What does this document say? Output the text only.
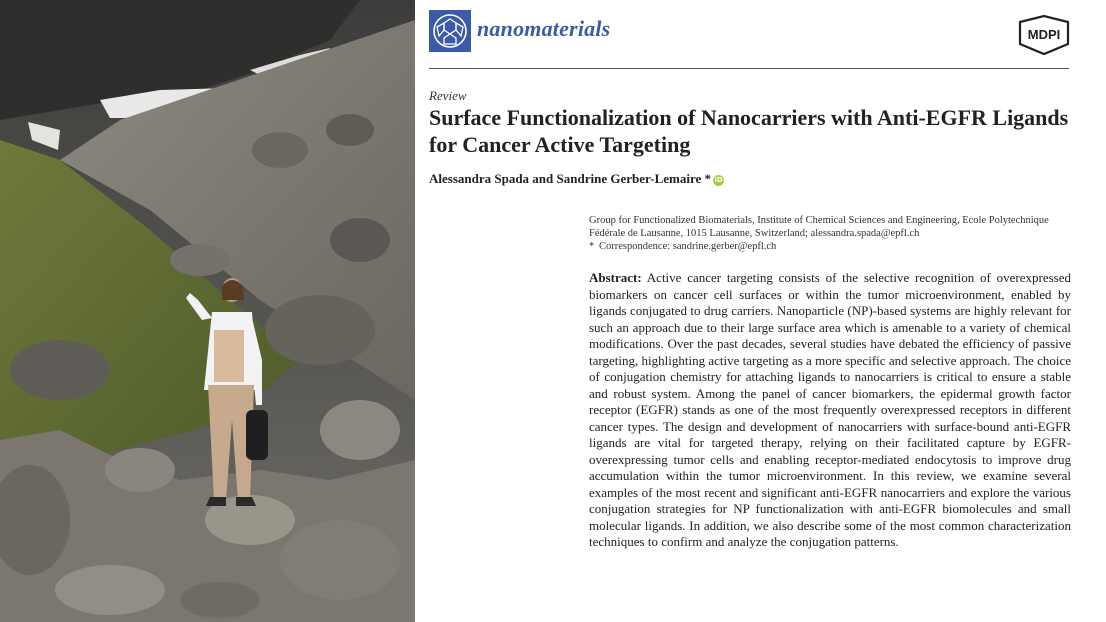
nanomaterials	MDPI
Review
Surface Functionalization of Nanocarriers with Anti-EGFR Ligands for Cancer Active Targeting
Alessandra Spada and Sandrine Gerber-Lemaire * iD
Group for Functionalized Biomaterials, Institute of Chemical Sciences and Engineering, Ecole Polytechnique Fédérale de Lausanne, 1015 Lausanne, Switzerland; alessandra.spada@epfl.ch
* Correspondence: sandrine.gerber@epfl.ch

Abstract: Active cancer targeting consists of the selective recognition of overexpressed biomarkers on cancer cell surfaces or within the tumor microenvironment, enabled by ligands conjugated to drug carriers. Nanoparticle (NP)-based systems are highly relevant for such an approach due to their large surface area which is amenable to a variety of chemical modifications. Over the past decades, several studies have debated the efficiency of passive targeting, highlighting active targeting as a more specific and selective approach. The choice of conjugation chemistry for attaching ligands to nanocarriers is critical to ensure a stable and robust system. Among the panel of cancer biomarkers, the epidermal growth factor receptor (EGFR) stands as one of the most frequently overexpressed receptors in different cancer types. The design and development of nanocarriers with surface-bound anti-EGFR ligands are vital for targeted therapy, relying on their facilitated capture by EGFR-overexpressing tumor cells and enabling receptor-mediated endocytosis to improve drug accumulation within the tumor microenvironment. In this review, we examine several examples of the most recent and significant anti-EGFR nanocarriers and explore the various conjugation strategies for NP functionalization with anti-EGFR biomolecules and small molecular ligands. In addition, we also describe some of the most common characterization techniques to confirm and analyze the conjugation patterns.
